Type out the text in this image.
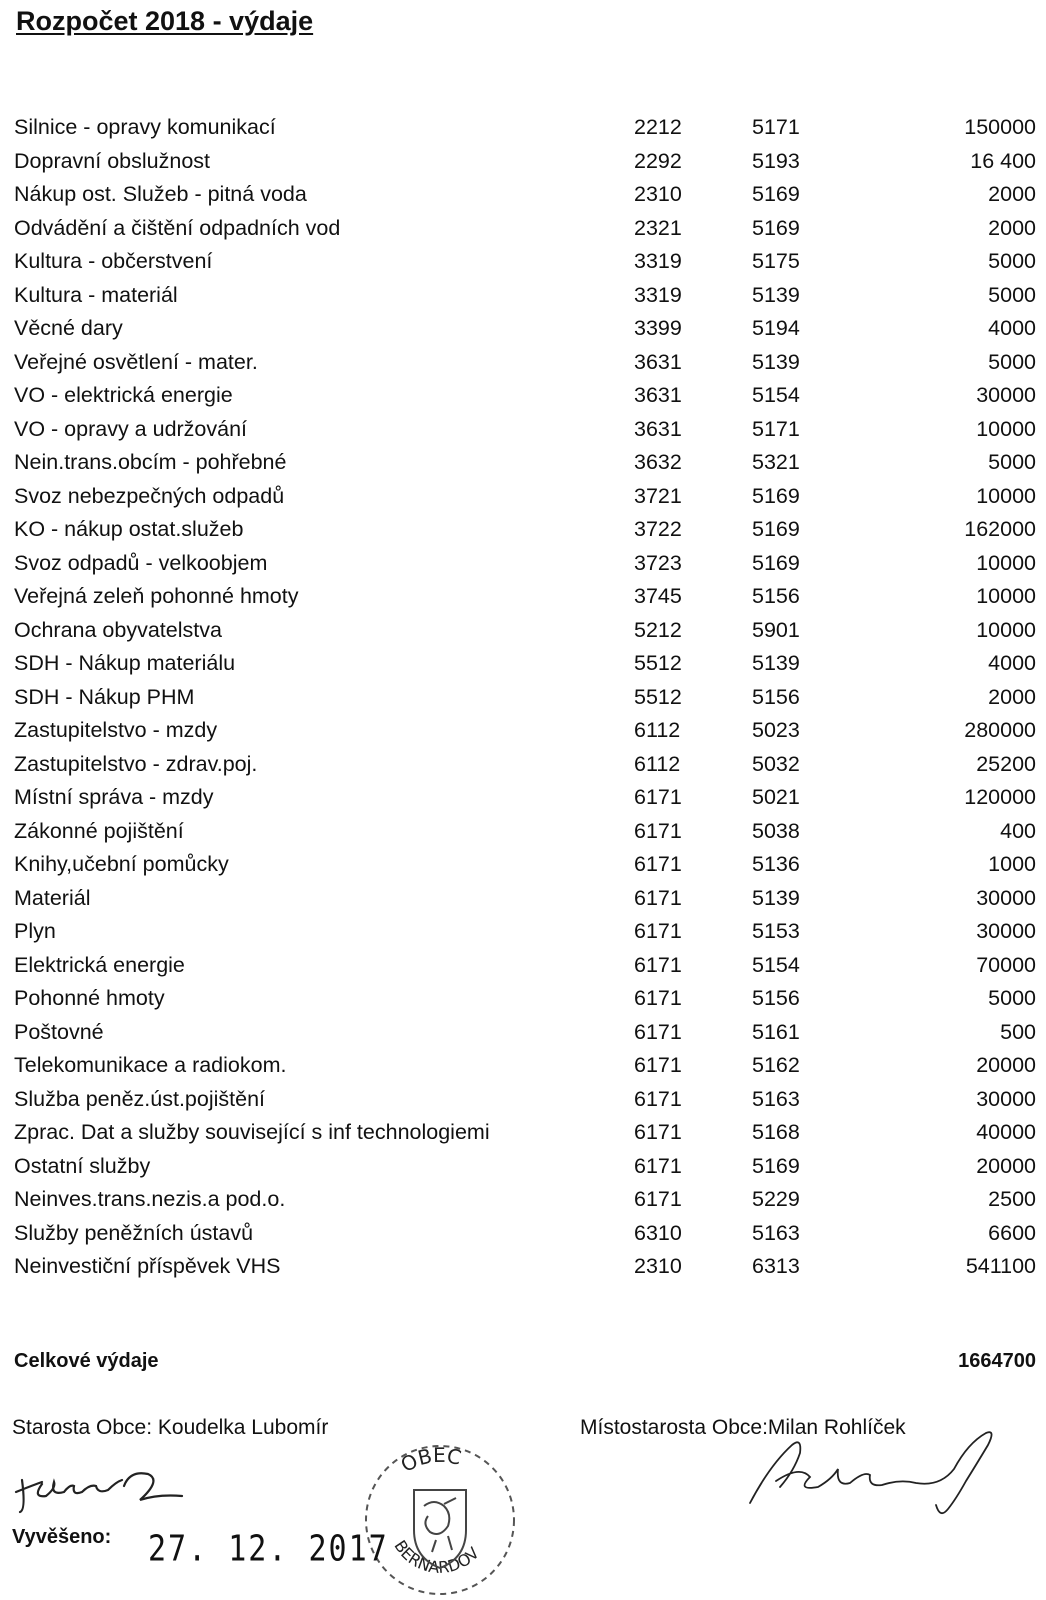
Rozpočet 2018 - výdaje
Silnice - opravy komunikací	2212	5171	150000
Dopravní obslužnost	2292	5193	16 400
Nákup ost. Služeb - pitná voda	2310	5169	2000
Odvádění a čištění odpadních vod	2321	5169	2000
Kultura - občerstvení	3319	5175	5000
Kultura - materiál	3319	5139	5000
Věcné dary	3399	5194	4000
Veřejné osvětlení - mater.	3631	5139	5000
VO - elektrická energie	3631	5154	30000
VO - opravy a udržování	3631	5171	10000
Nein.trans.obcím - pohřebné	3632	5321	5000
Svoz nebezpečných odpadů	3721	5169	10000
KO - nákup ostat.služeb	3722	5169	162000
Svoz odpadů - velkoobjem	3723	5169	10000
Veřejná zeleň pohonné hmoty	3745	5156	10000
Ochrana obyvatelstva	5212	5901	10000
SDH - Nákup materiálu	5512	5139	4000
SDH - Nákup PHM	5512	5156	2000
Zastupitelstvo - mzdy	6112	5023	280000
Zastupitelstvo - zdrav.poj.	6112	5032	25200
Místní správa - mzdy	6171	5021	120000
Zákonné pojištění	6171	5038	400
Knihy,učební pomůcky	6171	5136	1000
Materiál	6171	5139	30000
Plyn	6171	5153	30000
Elektrická energie	6171	5154	70000
Pohonné hmoty	6171	5156	5000
Poštovné	6171	5161	500
Telekomunikace a radiokom.	6171	5162	20000
Služba peněz.úst.pojištění	6171	5163	30000
Zprac. Dat a služby související s inf technologiemi	6171	5168	40000
Ostatní služby	6171	5169	20000
Neinves.trans.nezis.a pod.o.	6171	5229	2500
Služby peněžních ústavů	6310	5163	6600
Neinvestiční příspěvek VHS	2310	6313	541100
Celkové výdaje	1664700
Starosta Obce: Koudelka Lubomír	Místostarosta Obce:Milan Rohlíček
OBEC
BERNARDOV
Vyvěšeno: 27. 12. 2017
